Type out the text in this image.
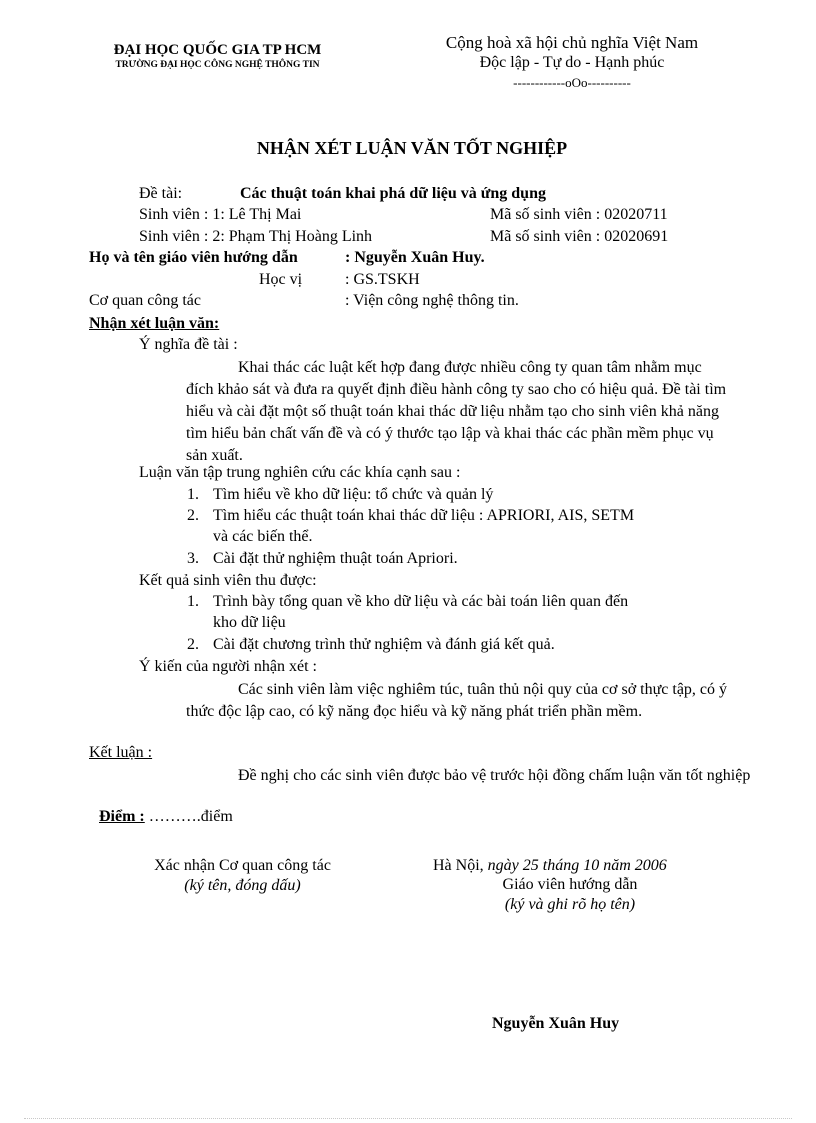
ĐẠI HỌC QUỐC GIA TP HCM
TRƯỜNG ĐẠI HỌC CÔNG NGHỆ THÔNG TIN
Cộng hoà xã hội chủ nghĩa Việt Nam
Độc lập - Tự do - Hạnh phúc
------------oOo----------
NHẬN XÉT LUẬN VĂN TỐT NGHIỆP
Đề tài:	Các thuật toán khai phá dữ liệu và ứng dụng
Sinh viên : 1: Lê Thị Mai	Mã số sinh viên : 02020711
Sinh viên : 2: Phạm Thị Hoàng Linh	Mã số sinh viên : 02020691
Họ và tên giáo viên hướng dẫn	: Nguyễn Xuân Huy.
Học vị	: GS.TSKH
Cơ quan công tác	: Viện công nghệ thông tin.
Nhận xét luận văn:
Ý nghĩa đề tài :
Khai thác các luật kết hợp đang được nhiều công ty quan tâm nhằm mục đích khảo sát và đưa ra quyết định điều hành công ty sao cho có hiệu quả. Đề tài tìm hiểu và cài đặt một số thuật toán khai thác dữ liệu nhằm tạo cho sinh viên khả năng tìm hiểu bản chất vấn đề và có ý thước tạo lập và khai thác các phần mềm phục vụ sản xuất.
Luận văn tập trung nghiên cứu các khía cạnh sau :
1. Tìm hiểu về kho dữ liệu: tổ chức và quản lý
2. Tìm hiểu các thuật toán khai thác dữ liệu : APRIORI, AIS, SETM
và các biến thể.
3. Cài đặt thử nghiệm thuật toán Apriori.
Kết quả sinh viên thu được:
1. Trình bày tổng quan về kho dữ liệu và các bài toán liên quan đến
kho dữ liệu
2. Cài đặt chương trình thử nghiệm và đánh giá kết quả.
Ý kiến của người nhận xét :
Các sinh viên làm việc nghiêm túc, tuân thủ nội quy của cơ sở thực tập, có ý thức độc lập cao, có kỹ năng đọc hiểu và kỹ năng phát triển phần mềm.
Kết luận :
Đề nghị cho các sinh viên được bảo vệ trước hội đồng chấm luận văn tốt nghiệp
Điểm : ……….điểm
Xác nhận Cơ quan công tác
(ký tên, đóng dấu)
Hà Nội, ngày 25 tháng 10 năm 2006
Giáo viên hướng dẫn
(ký và ghi rõ họ tên)
Nguyễn Xuân Huy
